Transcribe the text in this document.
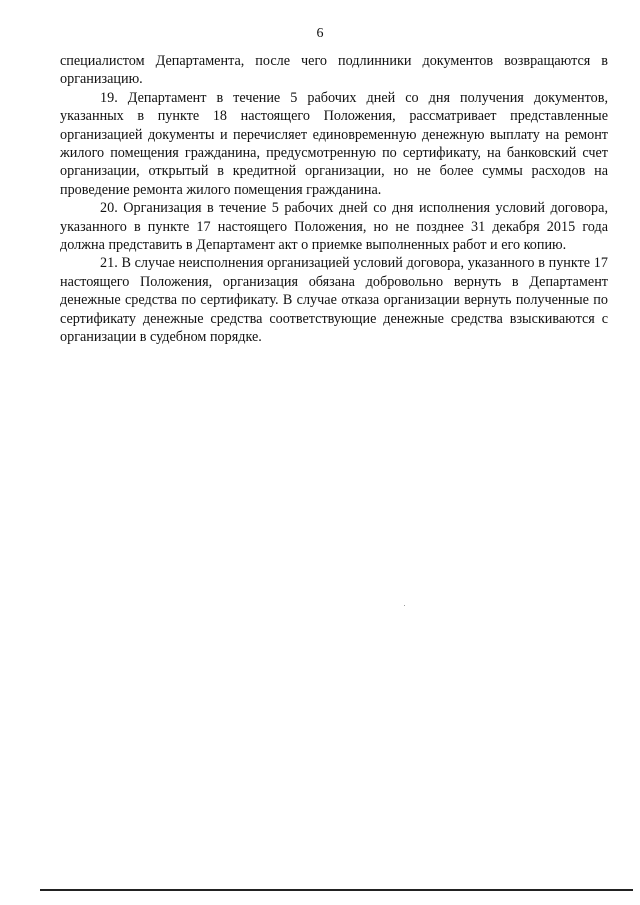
6

специалистом Департамента, после чего подлинники документов возвращаются в организацию.

19. Департамент в течение 5 рабочих дней со дня получения документов, указанных в пункте 18 настоящего Положения, рассматривает представленные организацией документы и перечисляет единовременную денежную выплату на ремонт жилого помещения гражданина, предусмотренную по сертификату, на банковский счет организации, открытый в кредитной организации, но не более суммы расходов на проведение ремонта жилого помещения гражданина.

20. Организация в течение 5 рабочих дней со дня исполнения условий договора, указанного в пункте 17 настоящего Положения, но не позднее 31 декабря 2015 года должна представить в Департамент акт о приемке выполненных работ и его копию.

21. В случае неисполнения организацией условий договора, указанного в пункте 17 настоящего Положения, организация обязана добровольно вернуть в Департамент денежные средства по сертификату. В случае отказа организации вернуть полученные по сертификату денежные средства соответствующие денежные средства взыскиваются с организации в судебном порядке.
